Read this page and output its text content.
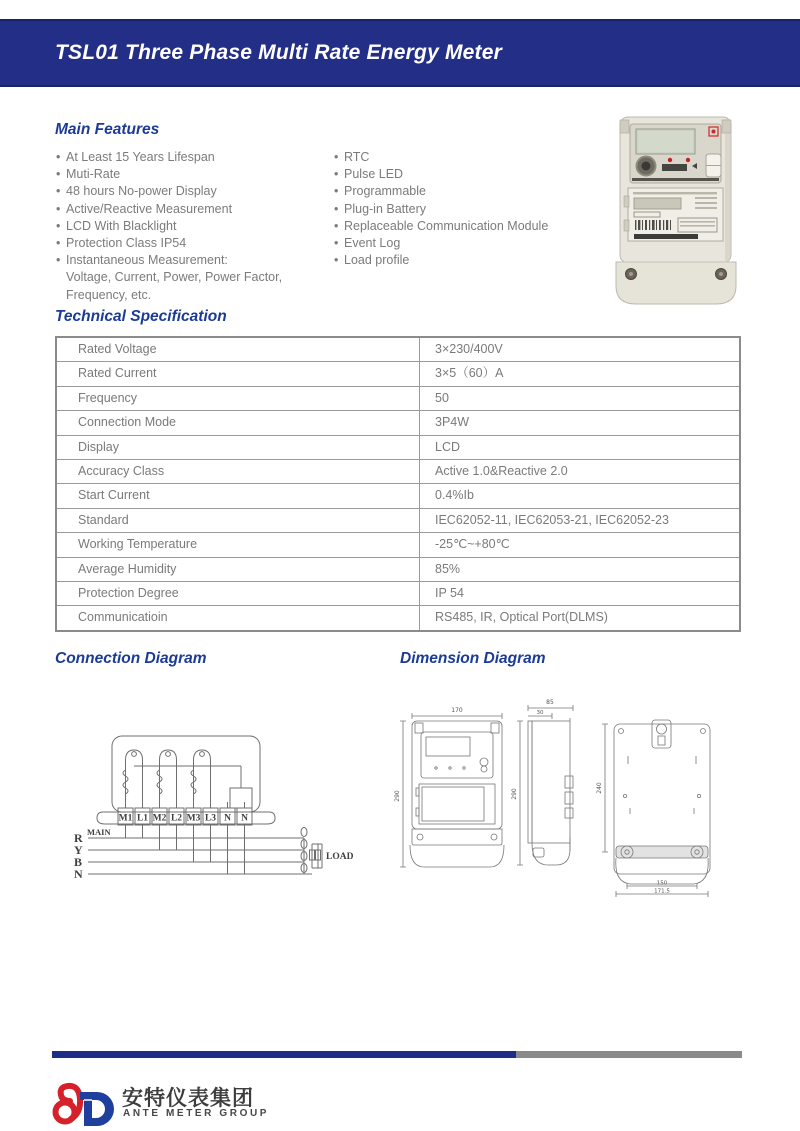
TSL01 Three Phase Multi Rate Energy Meter
Main Features
• At Least 15 Years Lifespan
• Muti-Rate
• 48 hours No-power Display
• Active/Reactive Measurement
• LCD With Blacklight
• Protection Class IP54
• Instantaneous Measurement:
Voltage, Current, Power, Power Factor,
Frequency, etc.
• RTC
• Pulse LED
• Programmable
• Plug-in Battery
• Replaceable Communication Module
• Event Log
• Load profile
Technical Specification
Rated Voltage	3×230/400V
Rated Current	3×5（60）A
Frequency	50
Connection Mode	3P4W
Display	LCD
Accuracy Class	Active 1.0&Reactive 2.0
Start Current	0.4%Ib
Standard	IEC62052-11, IEC62053-21, IEC62052-23
Working Temperature	-25℃~+80℃
Average Humidity	85%
Protection Degree	IP 54
Communicatioin	RS485, IR, Optical Port(DLMS)
Connection Diagram	Dimension Diagram
M1 L1 M2 L2 M3 L3 N N
R
Y
B
N
MAIN
LOAD
170
290
85
30
290
240
150
171.5
安特仪表集团
ANTE METER GROUP
